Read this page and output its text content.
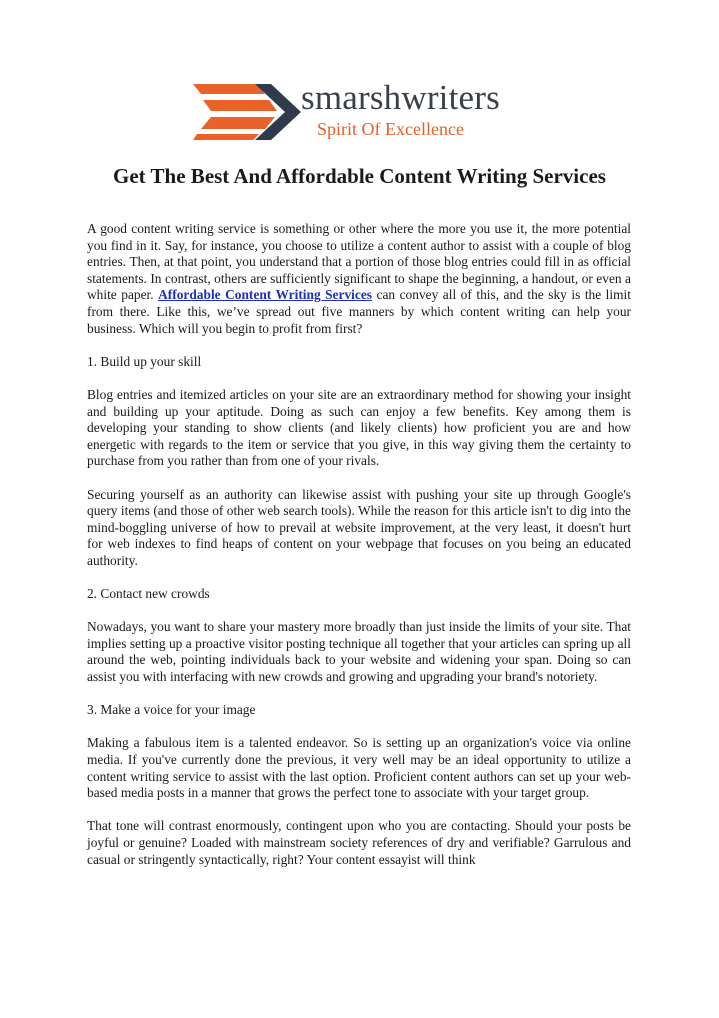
smarshwriters
Spirit Of Excellence
Get The Best And Affordable Content Writing Services

A good content writing service is something or other where the more you use it, the more potential you find in it. Say, for instance, you choose to utilize a content author to assist with a couple of blog entries. Then, at that point, you understand that a portion of those blog entries could fill in as official statements. In contrast, others are sufficiently significant to shape the beginning, a handout, or even a white paper. Affordable Content Writing Services can convey all of this, and the sky is the limit from there. Like this, we’ve spread out five manners by which content writing can help your business. Which will you begin to profit from first?

1. Build up your skill

Blog entries and itemized articles on your site are an extraordinary method for showing your insight and building up your aptitude. Doing as such can enjoy a few benefits. Key among them is developing your standing to show clients (and likely clients) how proficient you are and how energetic with regards to the item or service that you give, in this way giving them the certainty to purchase from you rather than from one of your rivals.

Securing yourself as an authority can likewise assist with pushing your site up through Google's query items (and those of other web search tools). While the reason for this article isn't to dig into the mind-boggling universe of how to prevail at website improvement, at the very least, it doesn't hurt for web indexes to find heaps of content on your webpage that focuses on you being an educated authority.

2. Contact new crowds

Nowadays, you want to share your mastery more broadly than just inside the limits of your site. That implies setting up a proactive visitor posting technique all together that your articles can spring up all around the web, pointing individuals back to your website and widening your span. Doing so can assist you with interfacing with new crowds and growing and upgrading your brand's notoriety.

3. Make a voice for your image

Making a fabulous item is a talented endeavor. So is setting up an organization's voice via online media. If you've currently done the previous, it very well may be an ideal opportunity to utilize a content writing service to assist with the last option. Proficient content authors can set up your web-based media posts in a manner that grows the perfect tone to associate with your target group.

That tone will contrast enormously, contingent upon who you are contacting. Should your posts be joyful or genuine? Loaded with mainstream society references of dry and verifiable? Garrulous and casual or stringently syntactically, right? Your content essayist will think
